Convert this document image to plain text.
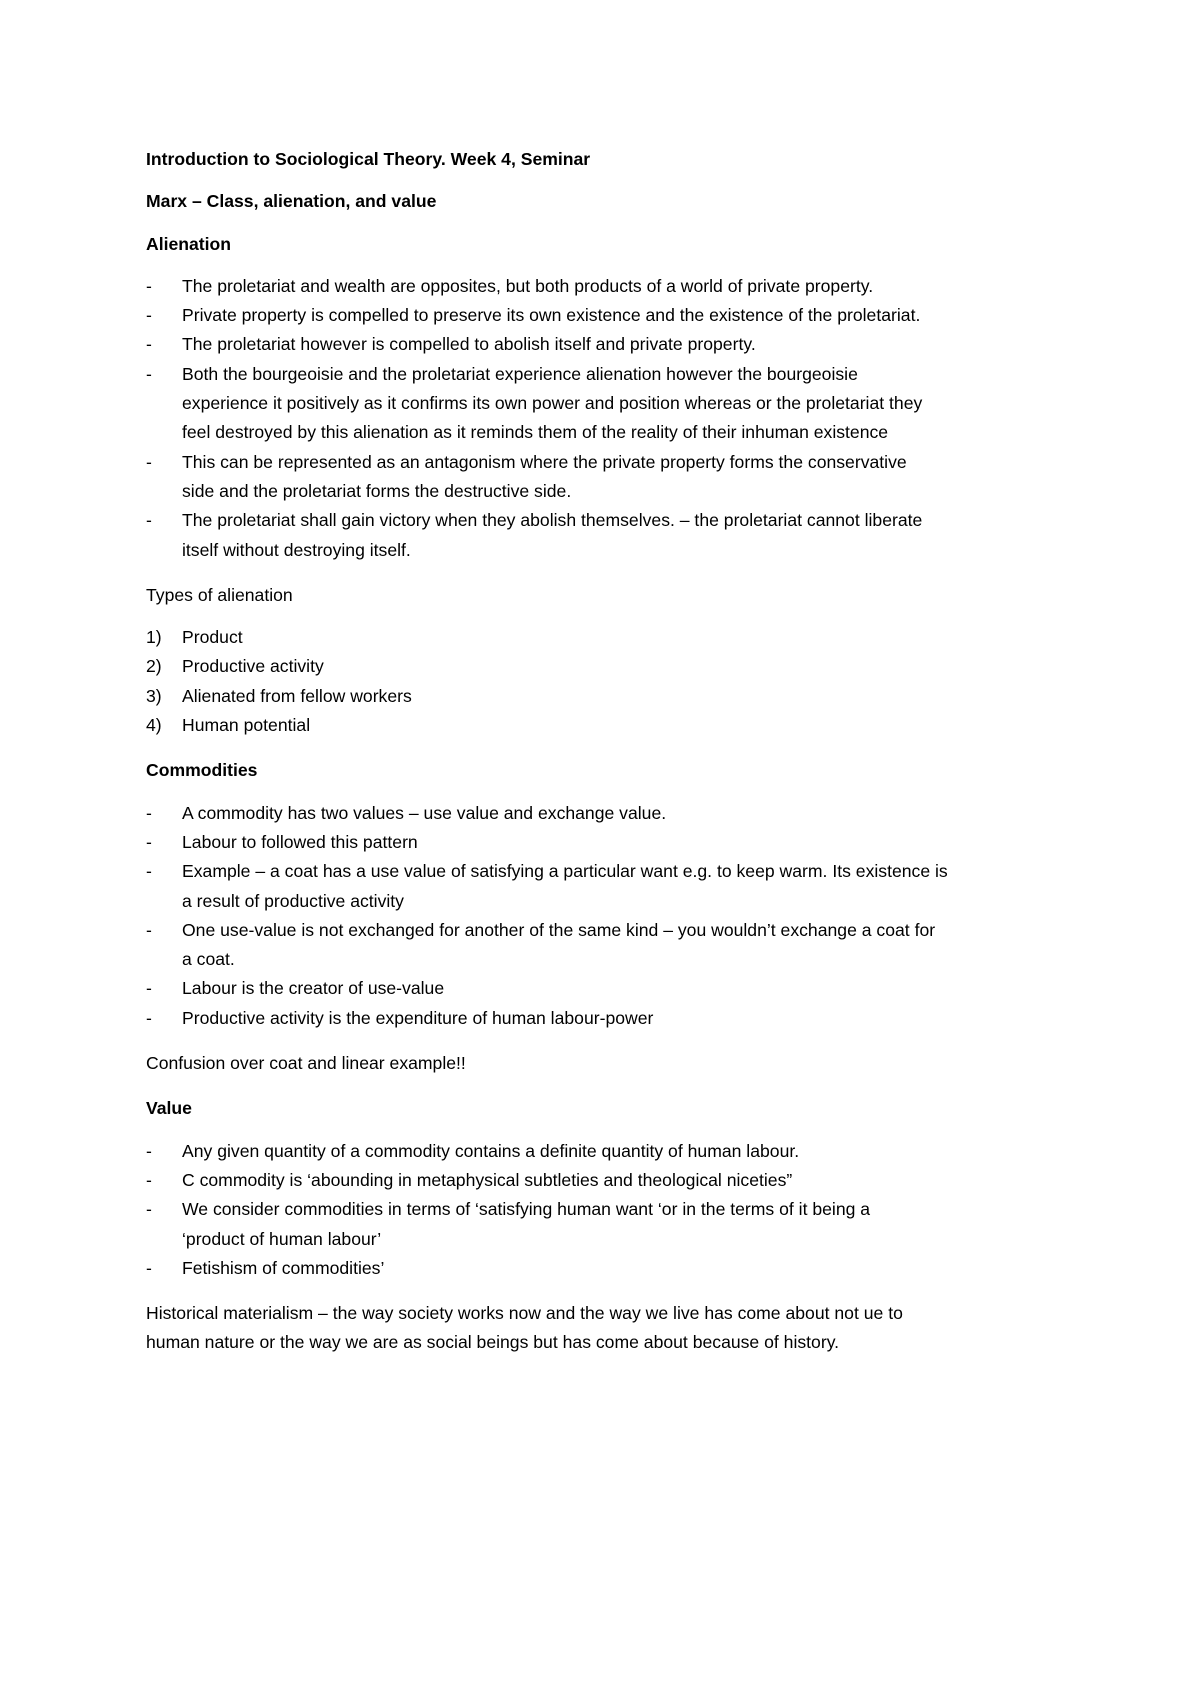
Introduction to Sociological Theory. Week 4, Seminar

Marx – Class, alienation, and value

Alienation

- The proletariat and wealth are opposites, but both products of a world of private property.
- Private property is compelled to preserve its own existence and the existence of the proletariat.
- The proletariat however is compelled to abolish itself and private property.
- Both the bourgeoisie and the proletariat experience alienation however the bourgeoisie
experience it positively as it confirms its own power and position whereas or the proletariat they
feel destroyed by this alienation as it reminds them of the reality of their inhuman existence
- This can be represented as an antagonism where the private property forms the conservative
side and the proletariat forms the destructive side.
- The proletariat shall gain victory when they abolish themselves. – the proletariat cannot liberate
itself without destroying itself.

Types of alienation

1) Product
2) Productive activity
3) Alienated from fellow workers
4) Human potential

Commodities

- A commodity has two values – use value and exchange value.
- Labour to followed this pattern
- Example – a coat has a use value of satisfying a particular want e.g. to keep warm. Its existence is
a result of productive activity
- One use-value is not exchanged for another of the same kind – you wouldn’t exchange a coat for
a coat.
- Labour is the creator of use-value
- Productive activity is the expenditure of human labour-power

Confusion over coat and linear example!!

Value

- Any given quantity of a commodity contains a definite quantity of human labour.
- C commodity is ‘abounding in metaphysical subtleties and theological niceties”
- We consider commodities in terms of ‘satisfying human want ‘or in the terms of it being a
‘product of human labour’
- Fetishism of commodities’

Historical materialism – the way society works now and the way we live has come about not ue to

human nature or the way we are as social beings but has come about because of history.
